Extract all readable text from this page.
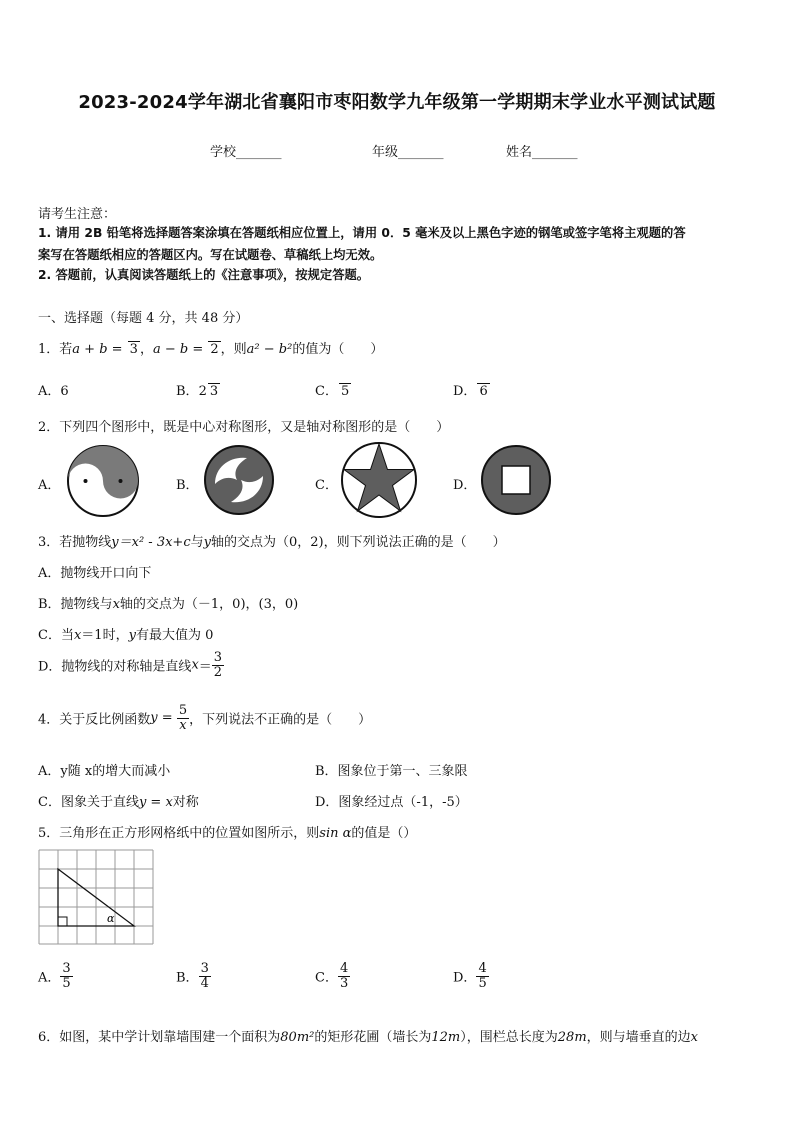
2023-2024学年湖北省襄阳市枣阳数学九年级第一学期期末学业水平测试试题
学校_______	年级_______	姓名_______
请考生注意：
1. 请用 2B 铅笔将选择题答案涂填在答题纸相应位置上，请用 0．5 毫米及以上黑色字迹的钢笔或签字笔将主观题的答
案写在答题纸相应的答题区内。写在试题卷、草稿纸上均无效。
2. 答题前，认真阅读答题纸上的《注意事项》，按规定答题。
一、选择题（每题 4 分，共 48 分）
1．若a + b = 3 ，a − b = 2 ，则a² − b²的值为（　　）
A．6	B．2 3	C． 5	D． 6
2．下列四个图形中，既是中心对称图形，又是轴对称图形的是（　　）
A．	B．	C．	D．
3．若抛物线y＝x² - 3x+c与y轴的交点为（0，2)，则下列说法正确的是（　　）
A．抛物线开口向下
B．抛物线与x轴的交点为（－1，0)，(3，0)
C．当x＝1时，y有最大值为 0
D．抛物线的对称轴是直线$x= \frac{3}{2}$
4．关于反比例函数$y = \frac{5}{x}$ ，下列说法不正确的是（　　）
A．y随 x的增大而减小	B．图象位于第一、三象限
C．图象关于直线y = x对称	D．图象经过点（-1，-5）
5．三角形在正方形网格纸中的位置如图所示，则sin α的值是（）
α
A． $\frac{3}{5}$	B． $\frac{3}{4}$	C． $\frac{4}{3}$	D． $\frac{4}{5}$
6．如图，某中学计划靠墙围建一个面积为80m²的矩形花圃（墙长为12m），围栏总长度为28m，则与墙垂直的边x
